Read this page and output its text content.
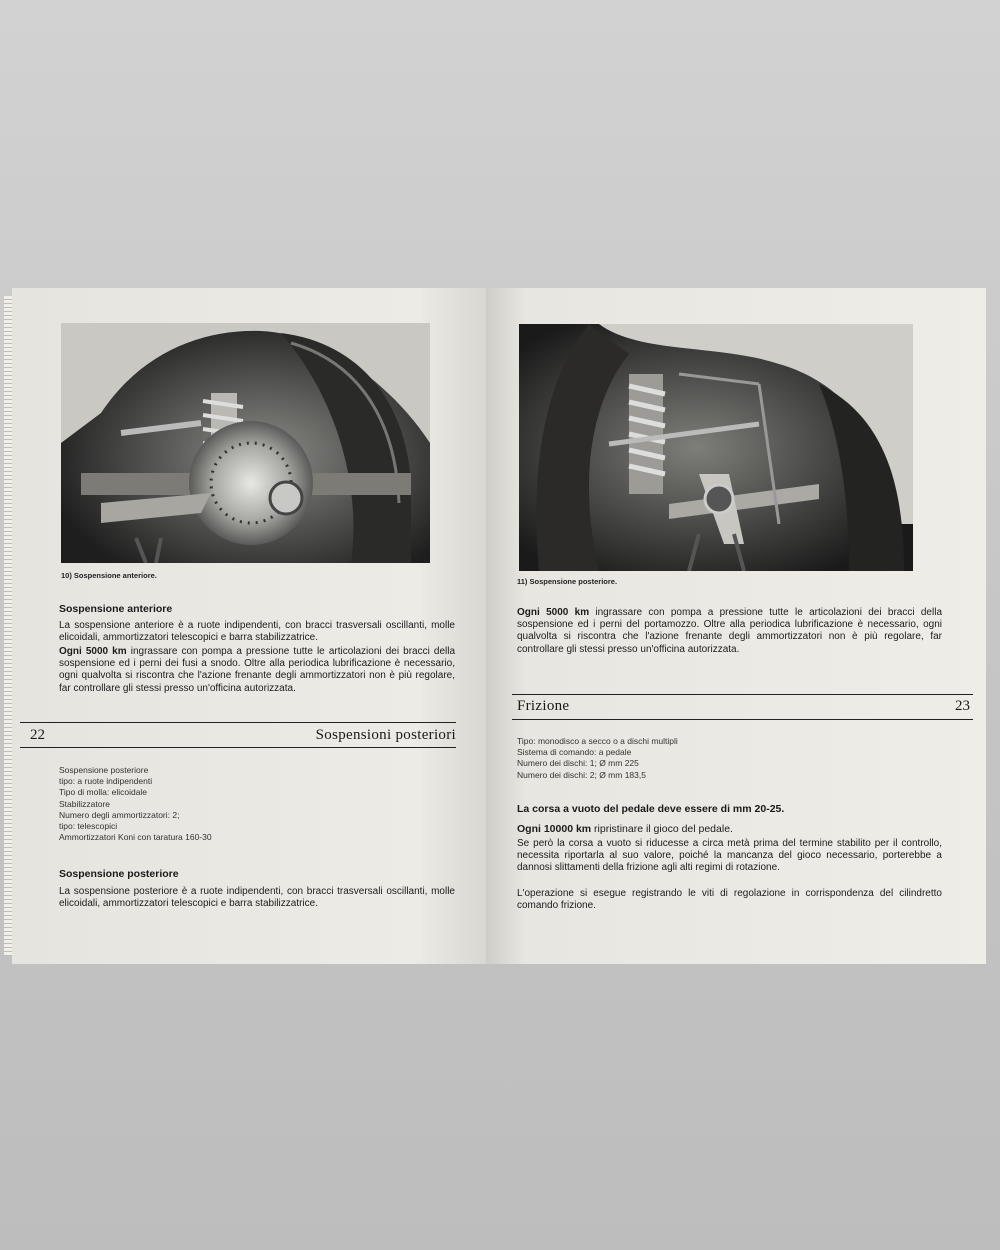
10) Sospensione anteriore.
Sospensione anteriore
La sospensione anteriore è a ruote indipendenti, con bracci trasversali oscillanti, molle elicoidali, ammortizzatori telescopici e barra stabilizzatrice.
Ogni 5000 km ingrassare con pompa a pressione tutte le articolazioni dei bracci della sospensione ed i perni dei fusi a snodo. Oltre alla periodica lubrificazione è necessario, ogni qualvolta si riscontra che l'azione frenante degli ammortizzatori non è più regolare, far controllare gli stessi presso un'officina autorizzata.
22	Sospensioni posteriori
Sospensione posteriore
tipo: a ruote indipendenti
Tipo di molla: elicoidale
Stabilizzatore
Numero degli ammortizzatori: 2;
tipo: telescopici
Ammortizzatori Koni con taratura 160-30
Sospensione posteriore
La sospensione posteriore è a ruote indipendenti, con bracci trasversali oscillanti, molle elicoidali, ammortizzatori telescopici e barra stabilizzatrice.
11) Sospensione posteriore.
Ogni 5000 km ingrassare con pompa a pressione tutte le articolazioni dei bracci della sospensione ed i perni del portamozzo. Oltre alla periodica lubrificazione è necessario, ogni qualvolta si riscontra che l'azione frenante degli ammortizzatori non è più regolare, far controllare gli stessi presso un'officina autorizzata.
Frizione	23
Tipo: monodisco a secco o a dischi multipli
Sistema di comando: a pedale
Numero dei dischi: 1; Ø mm 225
Numero dei dischi: 2; Ø mm 183,5
La corsa a vuoto del pedale deve essere di mm 20-25.
Ogni 10000 km ripristinare il gioco del pedale.
Se però la corsa a vuoto si riducesse a circa metà prima del termine stabilito per il controllo, necessita riportarla al suo valore, poiché la mancanza del gioco necessario, porterebbe a dannosi slittamenti della frizione agli alti regimi di rotazione.
L'operazione si esegue registrando le viti di regolazione in corrispondenza del cilindretto comando frizione.
